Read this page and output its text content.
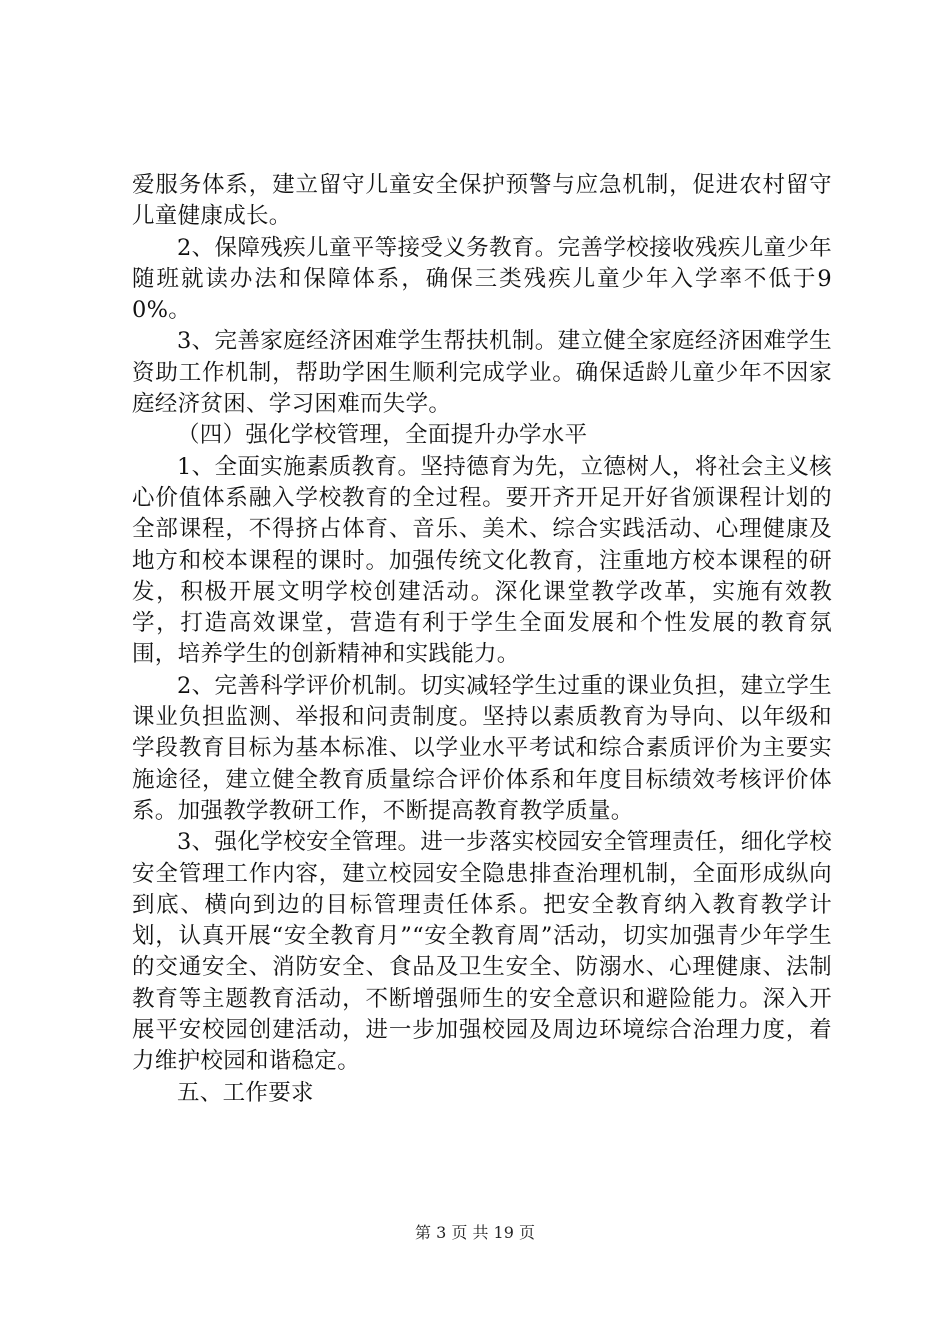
爱服务体系，建立留守儿童安全保护预警与应急机制，促进农村留守儿童健康成长。

2、保障残疾儿童平等接受义务教育。完善学校接收残疾儿童少年随班就读办法和保障体系，确保三类残疾儿童少年入学率不低于90%。

3、完善家庭经济困难学生帮扶机制。建立健全家庭经济困难学生资助工作机制，帮助学困生顺利完成学业。确保适龄儿童少年不因家庭经济贫困、学习困难而失学。

（四）强化学校管理，全面提升办学水平

1、全面实施素质教育。坚持德育为先，立德树人，将社会主义核心价值体系融入学校教育的全过程。要开齐开足开好省颁课程计划的全部课程，不得挤占体育、音乐、美术、综合实践活动、心理健康及地方和校本课程的课时。加强传统文化教育，注重地方校本课程的研发，积极开展文明学校创建活动。深化课堂教学改革，实施有效教学，打造高效课堂，营造有利于学生全面发展和个性发展的教育氛围，培养学生的创新精神和实践能力。

2、完善科学评价机制。切实减轻学生过重的课业负担，建立学生课业负担监测、举报和问责制度。坚持以素质教育为导向、以年级和学段教育目标为基本标准、以学业水平考试和综合素质评价为主要实施途径，建立健全教育质量综合评价体系和年度目标绩效考核评价体系。加强教学教研工作，不断提高教育教学质量。

3、强化学校安全管理。进一步落实校园安全管理责任，细化学校安全管理工作内容，建立校园安全隐患排查治理机制，全面形成纵向到底、横向到边的目标管理责任体系。把安全教育纳入教育教学计划，认真开展“安全教育月”“安全教育周”活动，切实加强青少年学生的交通安全、消防安全、食品及卫生安全、防溺水、心理健康、法制教育等主题教育活动，不断增强师生的安全意识和避险能力。深入开展平安校园创建活动，进一步加强校园及周边环境综合治理力度，着力维护校园和谐稳定。

五、工作要求

第 3 页 共 19 页
